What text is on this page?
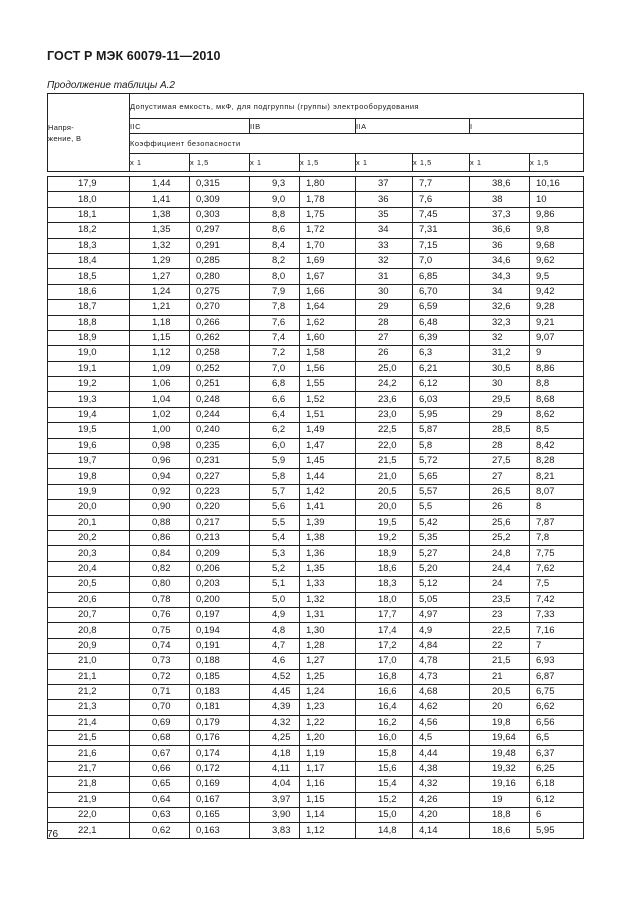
ГОСТ Р МЭК 60079-11—2010
Продолжение таблицы А.2
Напря-
жение, В	Допустимая емкость, мкФ, для подгруппы (группы) электрооборудования							
	IIC		IIB		IIA		I	
	Коэффициент безопасности							
	x 1	x 1,5	x 1	x 1,5	x 1	x 1,5	x 1	x 1,5

17,9	1,44	0,315	9,3	1,80	37	7,7	38,6	10,16
18,0	1,41	0,309	9,0	1,78	36	7,6	38	10
18,1	1,38	0,303	8,8	1,75	35	7,45	37,3	9,86
18,2	1,35	0,297	8,6	1,72	34	7,31	36,6	9,8
18,3	1,32	0,291	8,4	1,70	33	7,15	36	9,68
18,4	1,29	0,285	8,2	1,69	32	7,0	34,6	9,62
18,5	1,27	0,280	8,0	1,67	31	6,85	34,3	9,5
18,6	1,24	0,275	7,9	1,66	30	6,70	34	9,42
18,7	1,21	0,270	7,8	1,64	29	6,59	32,6	9,28
18,8	1,18	0,266	7,6	1,62	28	6,48	32,3	9,21
18,9	1,15	0,262	7,4	1,60	27	6,39	32	9,07
19,0	1,12	0,258	7,2	1,58	26	6,3	31,2	9
19,1	1,09	0,252	7,0	1,56	25,0	6,21	30,5	8,86
19,2	1,06	0,251	6,8	1,55	24,2	6,12	30	8,8
19,3	1,04	0,248	6,6	1,52	23,6	6,03	29,5	8,68
19,4	1,02	0,244	6,4	1,51	23,0	5,95	29	8,62
19,5	1,00	0,240	6,2	1,49	22,5	5,87	28,5	8,5
19,6	0,98	0,235	6,0	1,47	22,0	5,8	28	8,42
19,7	0,96	0,231	5,9	1,45	21,5	5,72	27,5	8,28
19,8	0,94	0,227	5,8	1,44	21,0	5,65	27	8,21
19,9	0,92	0,223	5,7	1,42	20,5	5,57	26,5	8,07
20,0	0,90	0,220	5,6	1,41	20,0	5,5	26	8
20,1	0,88	0,217	5,5	1,39	19,5	5,42	25,6	7,87
20,2	0,86	0,213	5,4	1,38	19,2	5,35	25,2	7,8
20,3	0,84	0,209	5,3	1,36	18,9	5,27	24,8	7,75
20,4	0,82	0,206	5,2	1,35	18,6	5,20	24,4	7,62
20,5	0,80	0,203	5,1	1,33	18,3	5,12	24	7,5
20,6	0,78	0,200	5,0	1,32	18,0	5,05	23,5	7,42
20,7	0,76	0,197	4,9	1,31	17,7	4,97	23	7,33
20,8	0,75	0,194	4,8	1,30	17,4	4,9	22,5	7,16
20,9	0,74	0,191	4,7	1,28	17,2	4,84	22	7
21,0	0,73	0,188	4,6	1,27	17,0	4,78	21,5	6,93
21,1	0,72	0,185	4,52	1,25	16,8	4,73	21	6,87
21,2	0,71	0,183	4,45	1,24	16,6	4,68	20,5	6,75
21,3	0,70	0,181	4,39	1,23	16,4	4,62	20	6,62
21,4	0,69	0,179	4,32	1,22	16,2	4,56	19,8	6,56
21,5	0,68	0,176	4,25	1,20	16,0	4,5	19,64	6,5
21,6	0,67	0,174	4,18	1,19	15,8	4,44	19,48	6,37
21,7	0,66	0,172	4,11	1,17	15,6	4,38	19,32	6,25
21,8	0,65	0,169	4,04	1,16	15,4	4,32	19,16	6,18
21,9	0,64	0,167	3,97	1,15	15,2	4,26	19	6,12
22,0	0,63	0,165	3,90	1,14	15,0	4,20	18,8	6
22,1	0,62	0,163	3,83	1,12	14,8	4,14	18,6	5,95
76
